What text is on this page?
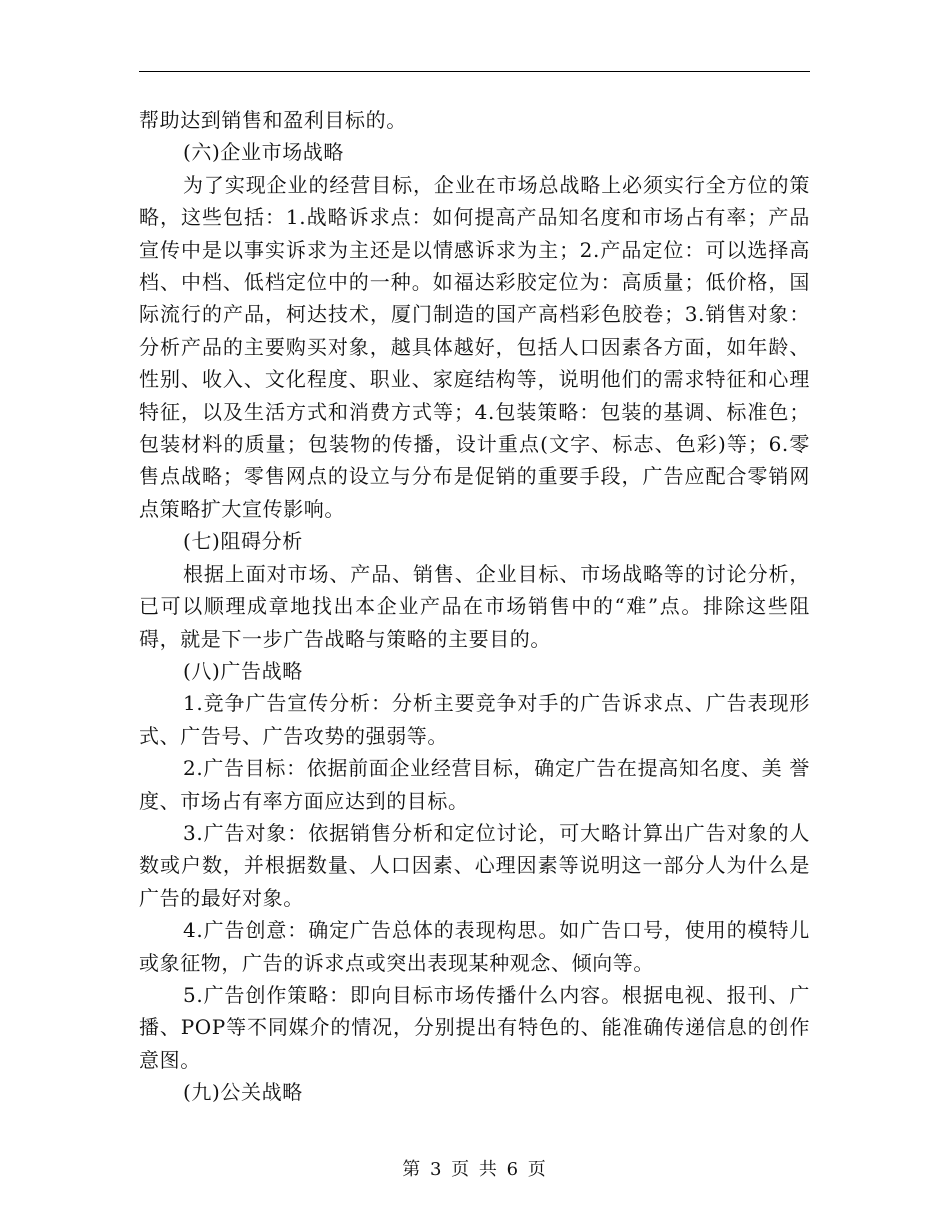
帮助达到销售和盈利目标的。

(六)企业市场战略

为了实现企业的经营目标，企业在市场总战略上必须实行全方位的策略，这些包括：1.战略诉求点：如何提高产品知名度和市场占有率；产品宣传中是以事实诉求为主还是以情感诉求为主；2.产品定位：可以选择高档、中档、低档定位中的一种。如福达彩胶定位为：高质量；低价格，国际流行的产品，柯达技术，厦门制造的国产高档彩色胶卷；3.销售对象：分析产品的主要购买对象，越具体越好，包括人口因素各方面，如年龄、性别、收入、文化程度、职业、家庭结构等，说明他们的需求特征和心理特征，以及生活方式和消费方式等；4.包装策略：包装的基调、标准色；包装材料的质量；包装物的传播，设计重点(文字、标志、色彩)等；6.零售点战略；零售网点的设立与分布是促销的重要手段，广告应配合零销网点策略扩大宣传影响。

(七)阻碍分析

根据上面对市场、产品、销售、企业目标、市场战略等的讨论分析，已可以顺理成章地找出本企业产品在市场销售中的“难”点。排除这些阻碍，就是下一步广告战略与策略的主要目的。

(八)广告战略

1.竞争广告宣传分析：分析主要竞争对手的广告诉求点、广告表现形式、广告号、广告攻势的强弱等。

2.广告目标：依据前面企业经营目标，确定广告在提高知名度、美 誉度、市场占有率方面应达到的目标。

3.广告对象：依据销售分析和定位讨论，可大略计算出广告对象的人数或户数，并根据数量、人口因素、心理因素等说明这一部分人为什么是广告的最好对象。

4.广告创意：确定广告总体的表现构思。如广告口号，使用的模特儿或象征物，广告的诉求点或突出表现某种观念、倾向等。

5.广告创作策略：即向目标市场传播什么内容。根据电视、报刊、广播、POP等不同媒介的情况，分别提出有特色的、能准确传递信息的创作意图。

(九)公关战略

第 3 页 共 6 页
